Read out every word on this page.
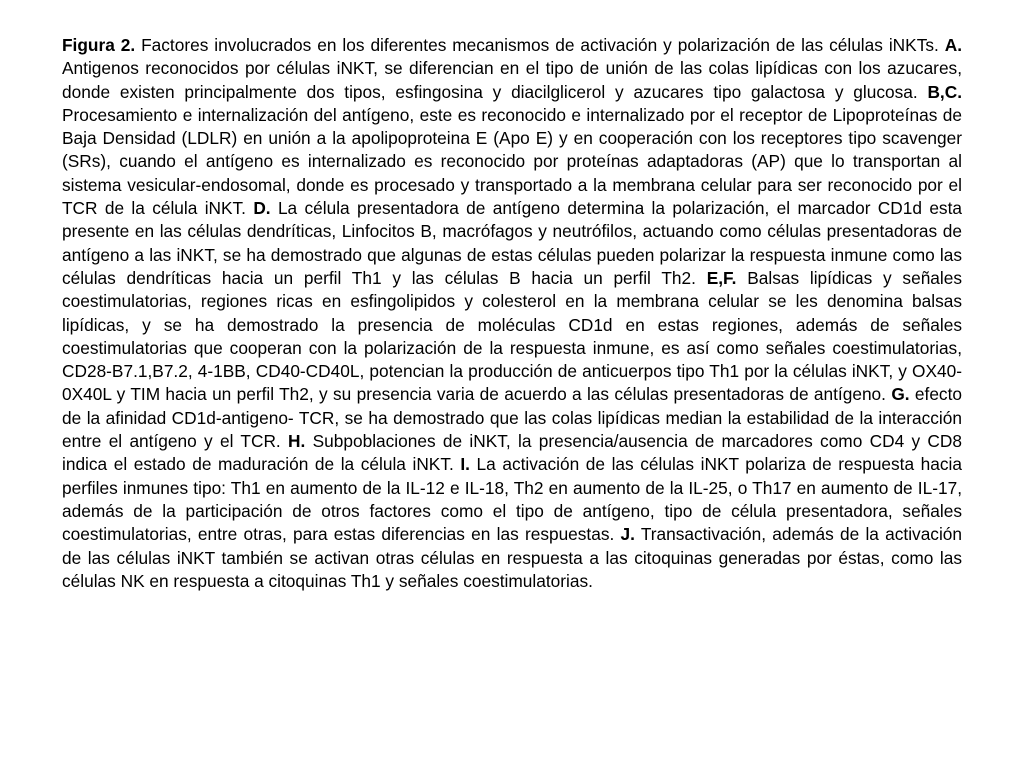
Figura 2. Factores involucrados en los diferentes mecanismos de activación y polarización de las células iNKTs. A. Antigenos reconocidos por células iNKT, se diferencian en el tipo de unión de las colas lipídicas con los azucares, donde existen principalmente dos tipos, esfingosina y diacilglicerol y azucares tipo galactosa y glucosa. B,C. Procesamiento e internalización del antígeno, este es reconocido e internalizado por el receptor de Lipoproteínas de Baja Densidad (LDLR) en unión a la apolipoproteina E (Apo E) y en cooperación con los receptores tipo scavenger (SRs), cuando el antígeno es internalizado es reconocido por proteínas adaptadoras (AP) que lo transportan al sistema vesicular-endosomal, donde es procesado y transportado a la membrana celular para ser reconocido por el TCR de la célula iNKT. D. La célula presentadora de antígeno determina la polarización, el marcador CD1d esta presente en las células dendríticas, Linfocitos B, macrófagos y neutrófilos, actuando como células presentadoras de antígeno a las iNKT, se ha demostrado que algunas de estas células pueden polarizar la respuesta inmune como las células dendríticas hacia un perfil Th1 y las células B hacia un perfil Th2. E,F. Balsas lipídicas y señales coestimulatorias, regiones ricas en esfingolipidos y colesterol en la membrana celular se les denomina balsas lipídicas, y se ha demostrado la presencia de moléculas CD1d en estas regiones, además de señales coestimulatorias que cooperan con la polarización de la respuesta inmune, es así como señales coestimulatorias, CD28-B7.1,B7.2, 4-1BB, CD40-CD40L, potencian la producción de anticuerpos tipo Th1 por la células iNKT, y OX40-0X40L y TIM hacia un perfil Th2, y su presencia varia de acuerdo a las células presentadoras de antígeno. G. efecto de la afinidad CD1d-antigeno- TCR, se ha demostrado que las colas lipídicas median la estabilidad de la interacción entre el antígeno y el TCR. H. Subpoblaciones de iNKT, la presencia/ausencia de marcadores como CD4 y CD8 indica el estado de maduración de la célula iNKT. I. La activación de las células iNKT polariza de respuesta hacia perfiles inmunes tipo: Th1 en aumento de la IL-12 e IL-18, Th2 en aumento de la IL-25, o Th17 en aumento de IL-17, además de la participación de otros factores como el tipo de antígeno, tipo de célula presentadora, señales coestimulatorias, entre otras, para estas diferencias en las respuestas. J. Transactivación, además de la activación de las células iNKT también se activan otras células en respuesta a las citoquinas generadas por éstas, como las células NK en respuesta a citoquinas Th1 y señales coestimulatorias.
